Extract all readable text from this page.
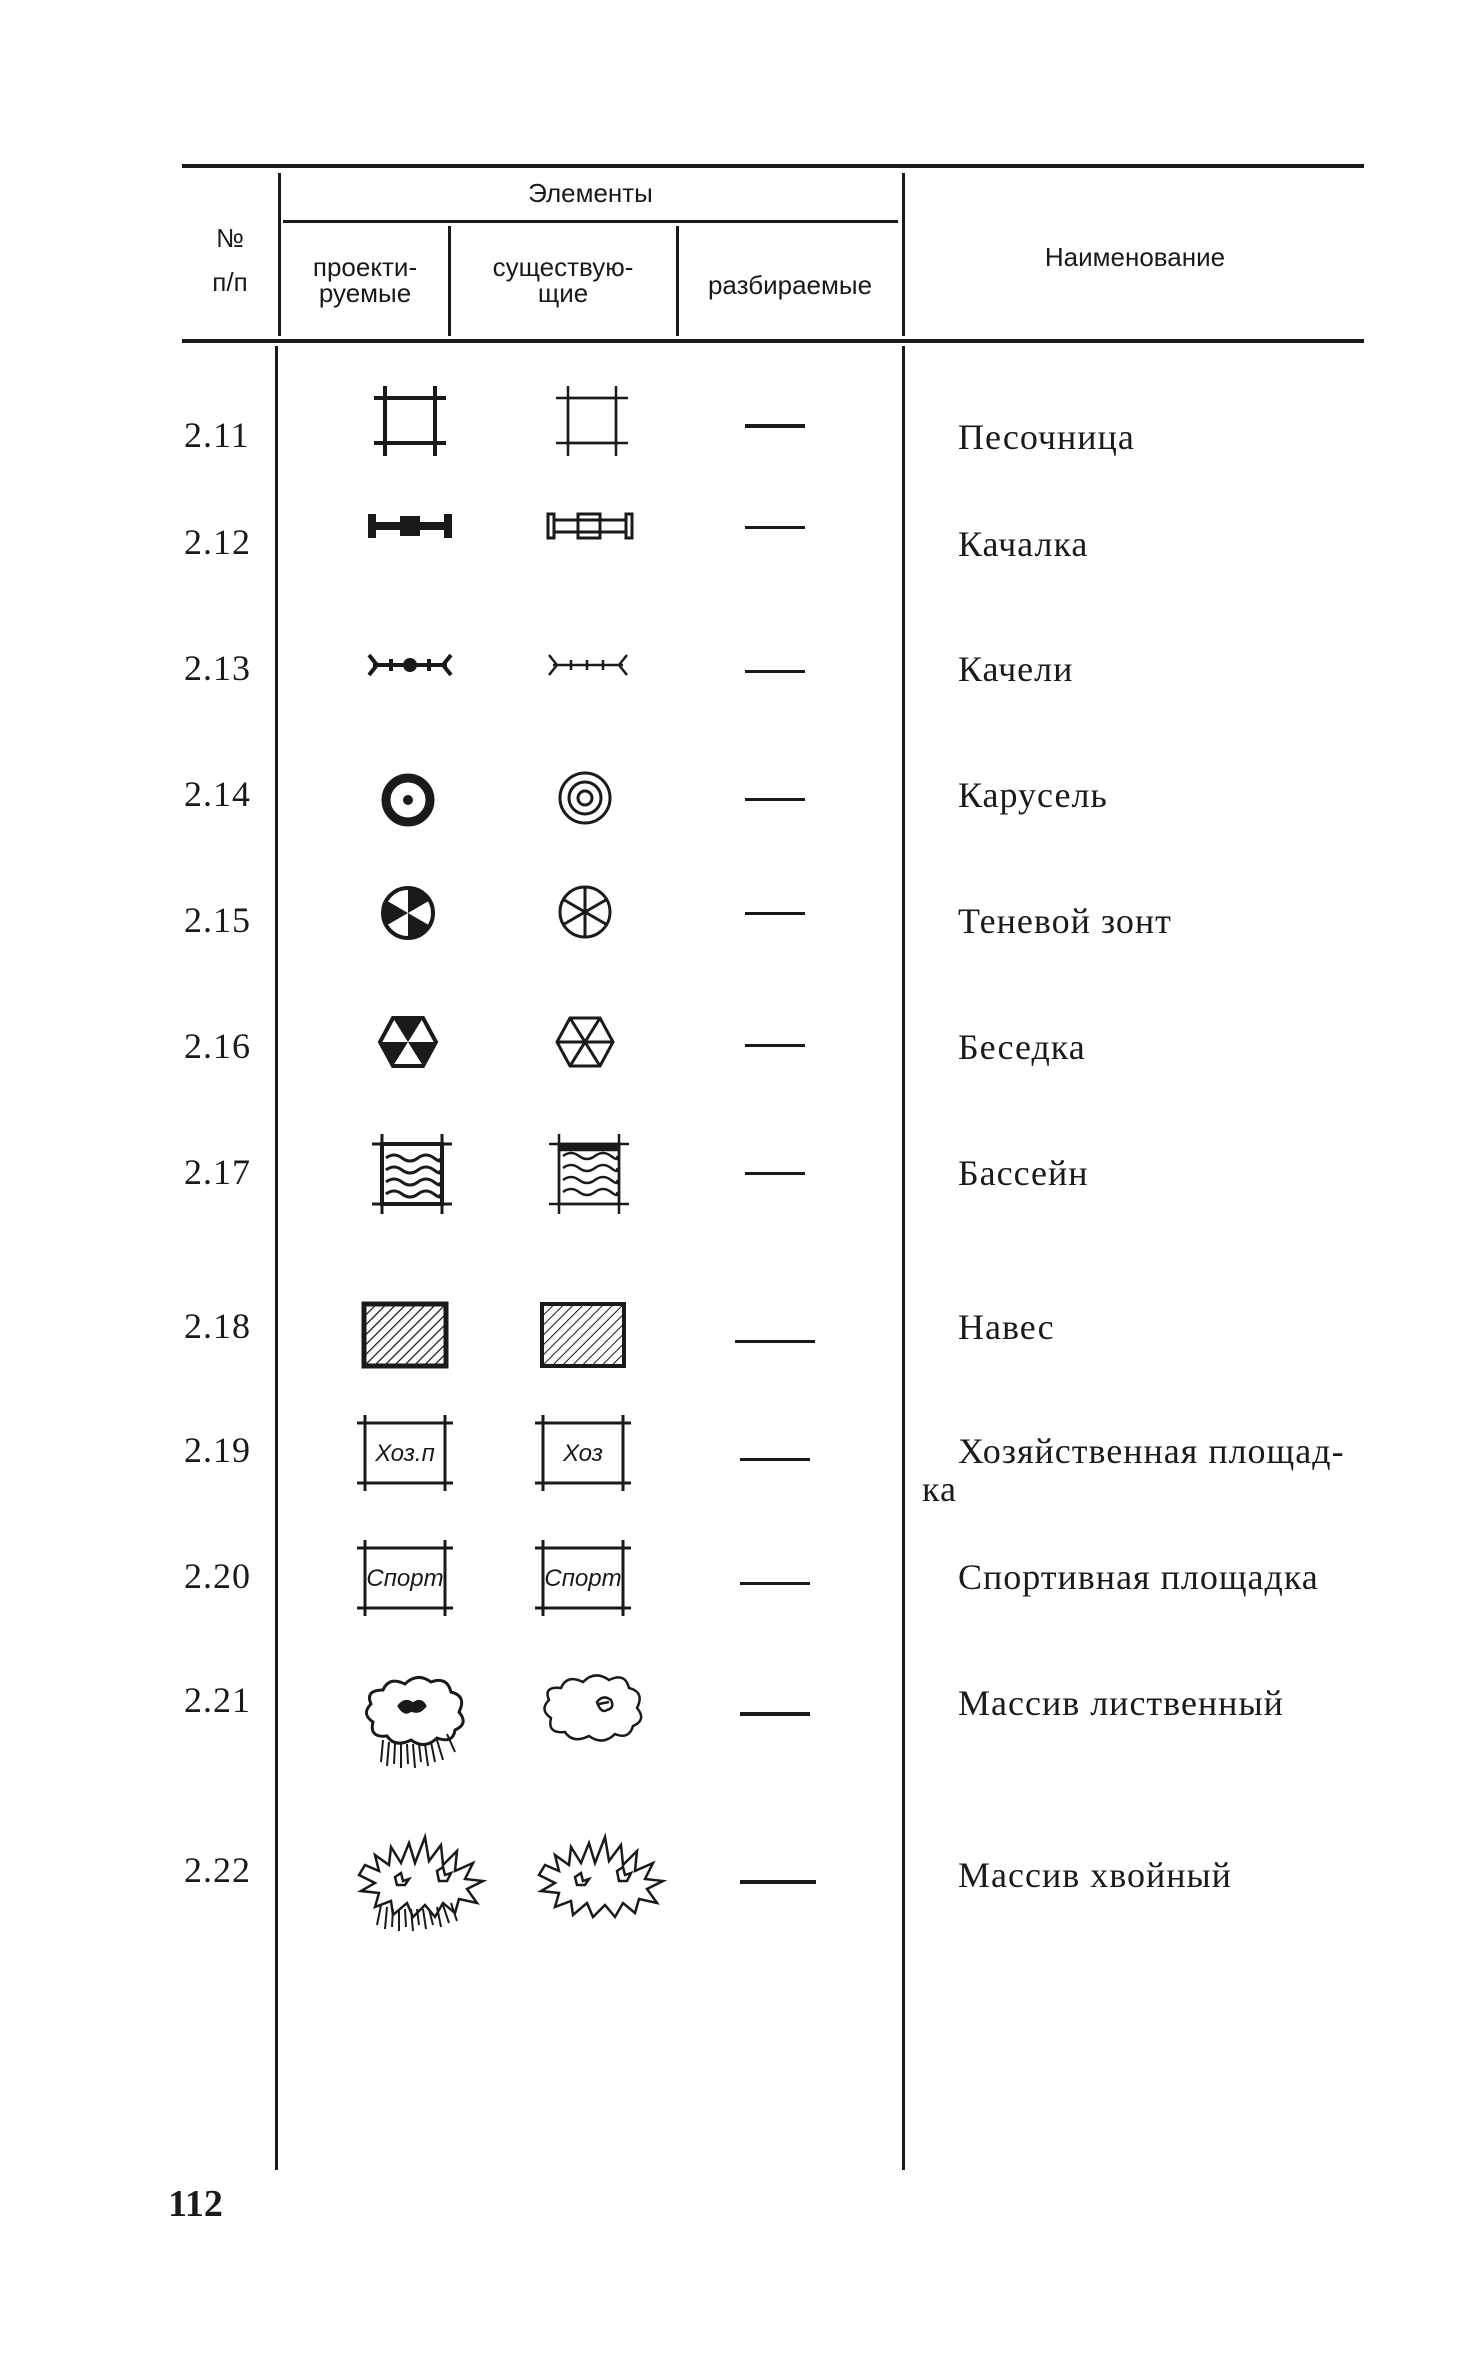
№
п/п
Элементы
проекти-
руемые
существую-
щие	разбираемые
Наименование
2.11	Песочница
2.12	Качалка
2.13	Качели
2.14	Карусель
2.15	Теневой зонт
2.16	Беседка
2.17	Бассейн
2.18	Навес
2.19	Хоз.п	Хоз	Хозяйственная площад-
ка
2.20	Спорт	Спорт	Спортивная площадка
2.21	Массив лиственный
2.22	Массив хвойный
112
